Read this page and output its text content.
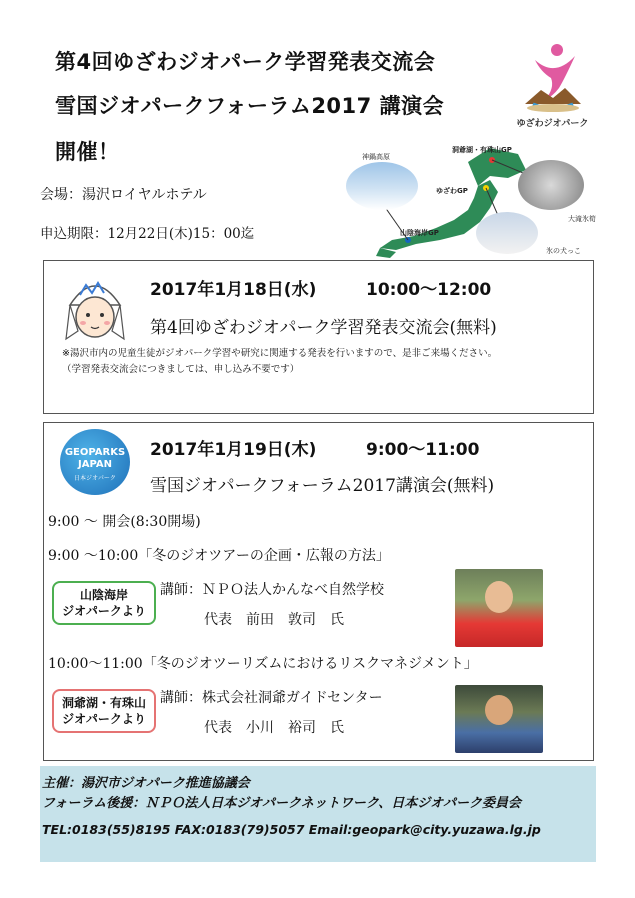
第4回ゆざわジオパーク学習発表交流会
雪国ジオパークフォーラム2017 講演会
開催！
ゆざわジオパーク
会場：湯沢ロイヤルホテル
申込期限：12月22日(木)15：00迄
神鍋高原
洞爺湖・有珠山GP
ゆざわGP
山陰海岸GP
大滝氷筍
氷の犬っこ
2017年1月18日(水)	10:00～12:00
第4回ゆざわジオパーク学習発表交流会(無料)
※湯沢市内の児童生徒がジオパーク学習や研究に関連する発表を行いますので、是非ご来場ください。
（学習発表交流会につきましては、申し込み不要です）
GEOPARKS
JAPAN
日本ジオパーク
2017年1月19日(木)	9:00～11:00
雪国ジオパークフォーラム2017講演会(無料)
9:00 ～ 開会(8:30開場)
9:00 ～10:00「冬のジオツアーの企画・広報の方法」
山陰海岸
ジオパークより
講師：ＮＰＯ法人かんなべ自然学校
代表　前田　敦司　氏
10:00～11:00「冬のジオツーリズムにおけるリスクマネジメント」
洞爺湖・有珠山
ジオパークより
講師：株式会社洞爺ガイドセンター
代表　小川　裕司　氏
主催：湯沢市ジオパーク推進協議会
フォーラム後援：ＮＰＯ法人日本ジオパークネットワーク、日本ジオパーク委員会
TEL:0183(55)8195 FAX:0183(79)5057 Email:geopark@city.yuzawa.lg.jp
